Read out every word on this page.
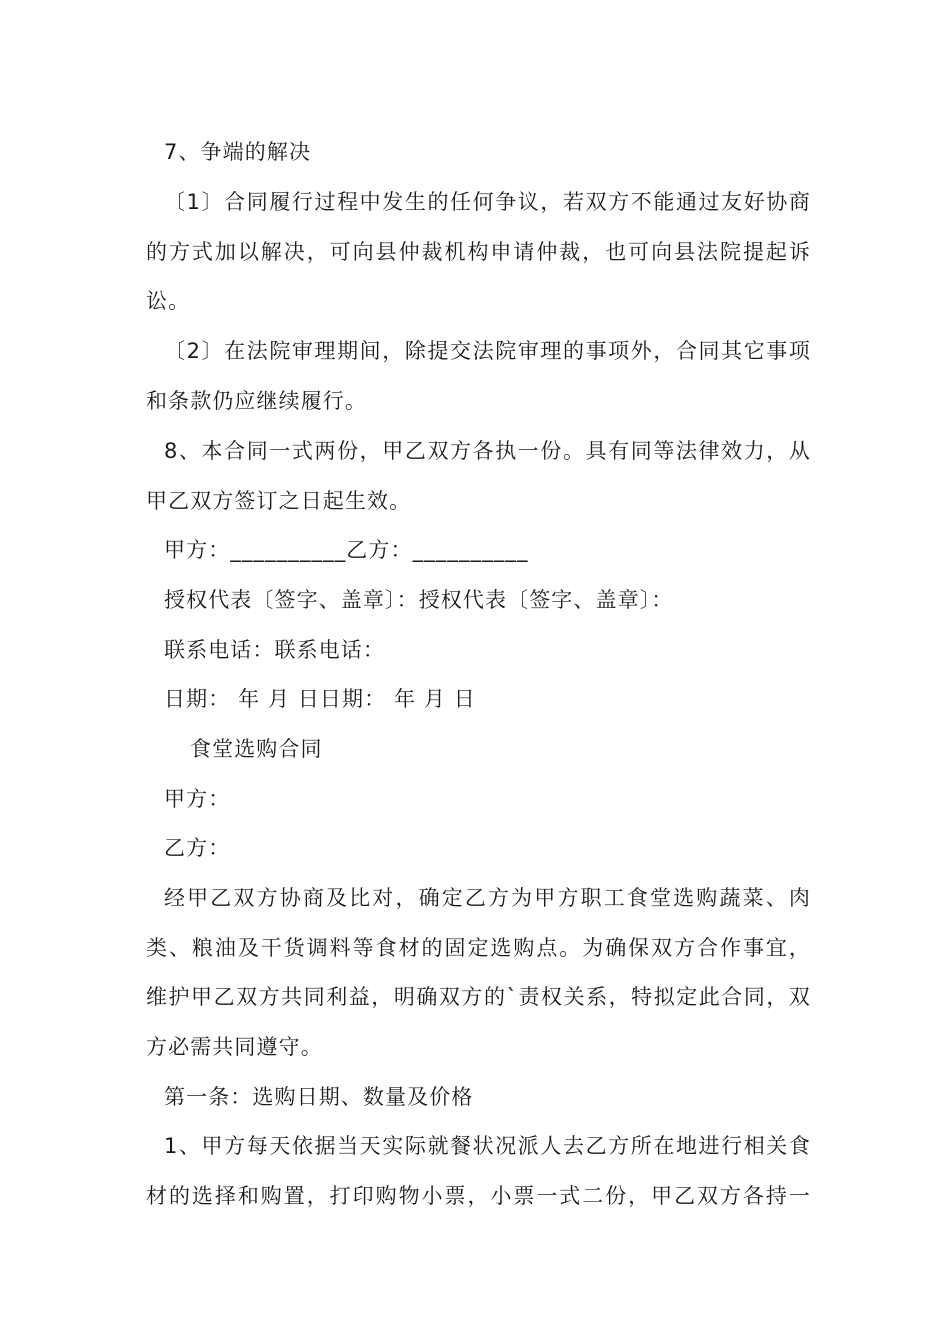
7、争端的解决
〔1〕合同履行过程中发生的任何争议，若双方不能通过友好协商
的方式加以解决，可向县仲裁机构申请仲裁，也可向县法院提起诉
讼。
〔2〕在法院审理期间，除提交法院审理的事项外，合同其它事项
和条款仍应继续履行。
8、本合同一式两份，甲乙双方各执一份。具有同等法律效力，从
甲乙双方签订之日起生效。
甲方：__________乙方：__________
授权代表〔签字、盖章〕：授权代表〔签字、盖章〕：
联系电话：联系电话：
日期： 年 月 日日期： 年 月 日
食堂选购合同
甲方：
乙方：
经甲乙双方协商及比对，确定乙方为甲方职工食堂选购蔬菜、肉
类、粮油及干货调料等食材的固定选购点。为确保双方合作事宜，
维护甲乙双方共同利益，明确双方的`责权关系，特拟定此合同，双
方必需共同遵守。
第一条：选购日期、数量及价格
1、甲方每天依据当天实际就餐状况派人去乙方所在地进行相关食
材的选择和购置，打印购物小票，小票一式二份，甲乙双方各持一
